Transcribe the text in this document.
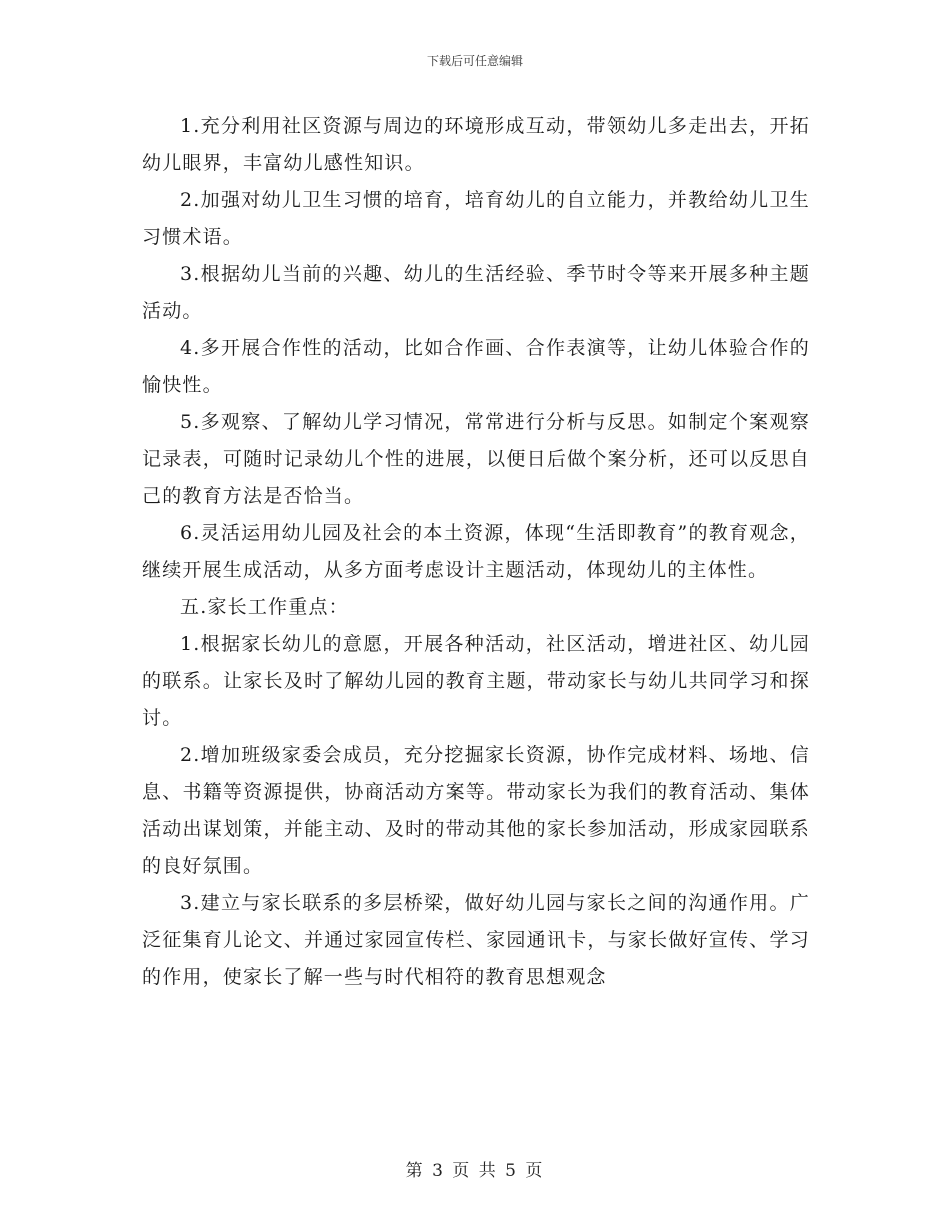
下载后可任意编辑

1.充分利用社区资源与周边的环境形成互动，带领幼儿多走出去，开拓幼儿眼界，丰富幼儿感性知识。

2.加强对幼儿卫生习惯的培育，培育幼儿的自立能力，并教给幼儿卫生习惯术语。

3.根据幼儿当前的兴趣、幼儿的生活经验、季节时令等来开展多种主题活动。

4.多开展合作性的活动，比如合作画、合作表演等，让幼儿体验合作的愉快性。

5.多观察、了解幼儿学习情况，常常进行分析与反思。如制定个案观察记录表，可随时记录幼儿个性的进展，以便日后做个案分析，还可以反思自己的教育方法是否恰当。

6.灵活运用幼儿园及社会的本土资源，体现“生活即教育”的教育观念，继续开展生成活动，从多方面考虑设计主题活动，体现幼儿的主体性。

五.家长工作重点：

1.根据家长幼儿的意愿，开展各种活动，社区活动，增进社区、幼儿园的联系。让家长及时了解幼儿园的教育主题，带动家长与幼儿共同学习和探讨。

2.增加班级家委会成员，充分挖掘家长资源，协作完成材料、场地、信息、书籍等资源提供，协商活动方案等。带动家长为我们的教育活动、集体活动出谋划策，并能主动、及时的带动其他的家长参加活动，形成家园联系的良好氛围。

3.建立与家长联系的多层桥梁，做好幼儿园与家长之间的沟通作用。广泛征集育儿论文、并通过家园宣传栏、家园通讯卡，与家长做好宣传、学习的作用，使家长了解一些与时代相符的教育思想观念

第 3 页 共 5 页
